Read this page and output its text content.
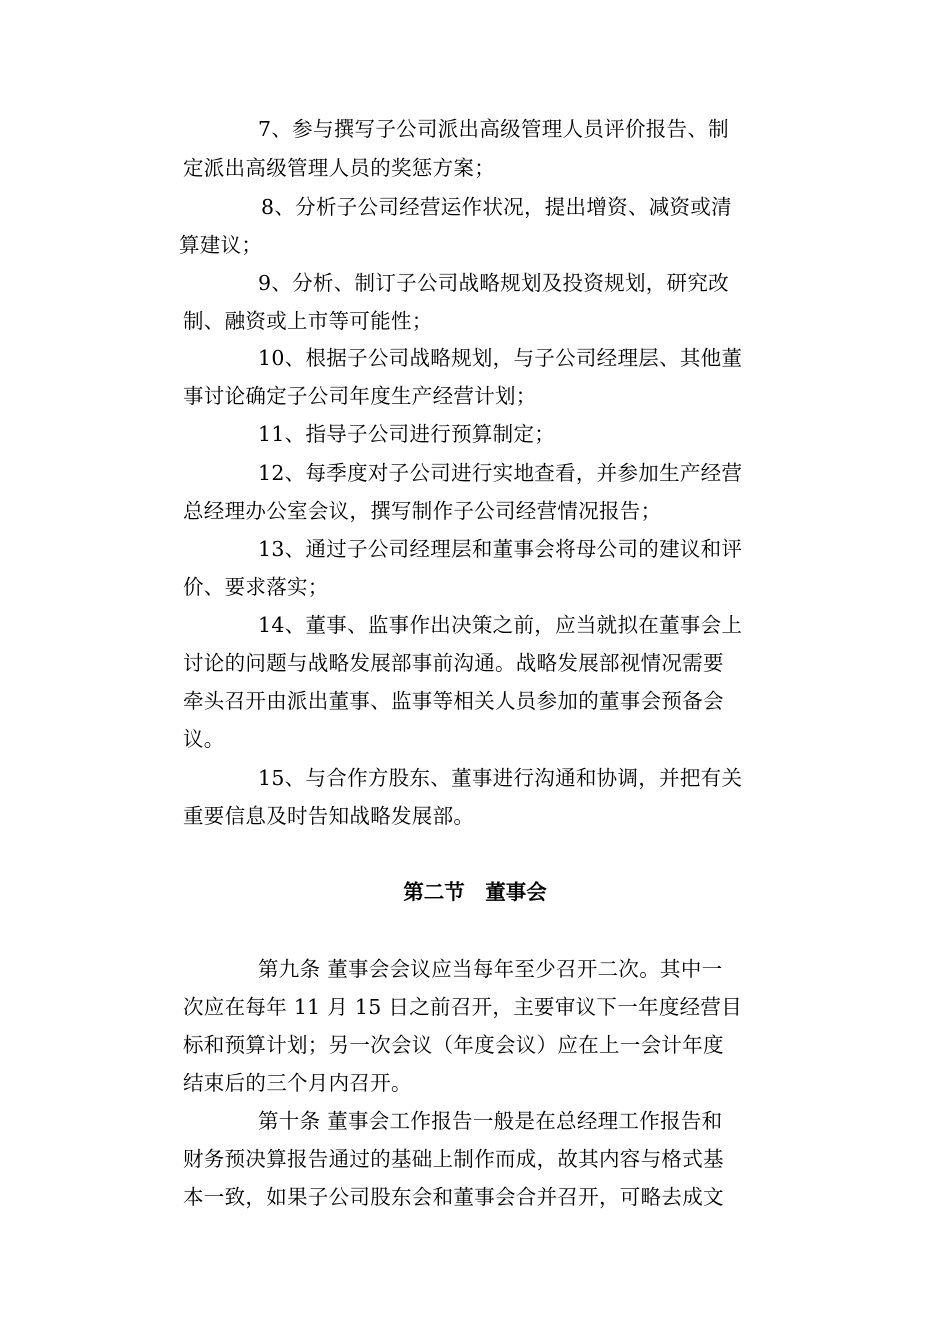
7、参与撰写子公司派出高级管理人员评价报告、制
定派出高级管理人员的奖惩方案；
8、分析子公司经营运作状况，提出增资、减资或清
算建议；
9、分析、制订子公司战略规划及投资规划，研究改
制、融资或上市等可能性；
10、根据子公司战略规划，与子公司经理层、其他董
事讨论确定子公司年度生产经营计划；
11、指导子公司进行预算制定；
12、每季度对子公司进行实地查看，并参加生产经营
总经理办公室会议，撰写制作子公司经营情况报告；
13、通过子公司经理层和董事会将母公司的建议和评
价、要求落实；
14、董事、监事作出决策之前，应当就拟在董事会上
讨论的问题与战略发展部事前沟通。战略发展部视情况需要
牵头召开由派出董事、监事等相关人员参加的董事会预备会
议。
15、与合作方股东、董事进行沟通和协调，并把有关
重要信息及时告知战略发展部。
第二节　董事会
第九条 董事会会议应当每年至少召开二次。其中一
次应在每年 11 月 15 日之前召开，主要审议下一年度经营目
标和预算计划；另一次会议（年度会议）应在上一会计年度
结束后的三个月内召开。
第十条 董事会工作报告一般是在总经理工作报告和
财务预决算报告通过的基础上制作而成，故其内容与格式基
本一致，如果子公司股东会和董事会合并召开，可略去成文
